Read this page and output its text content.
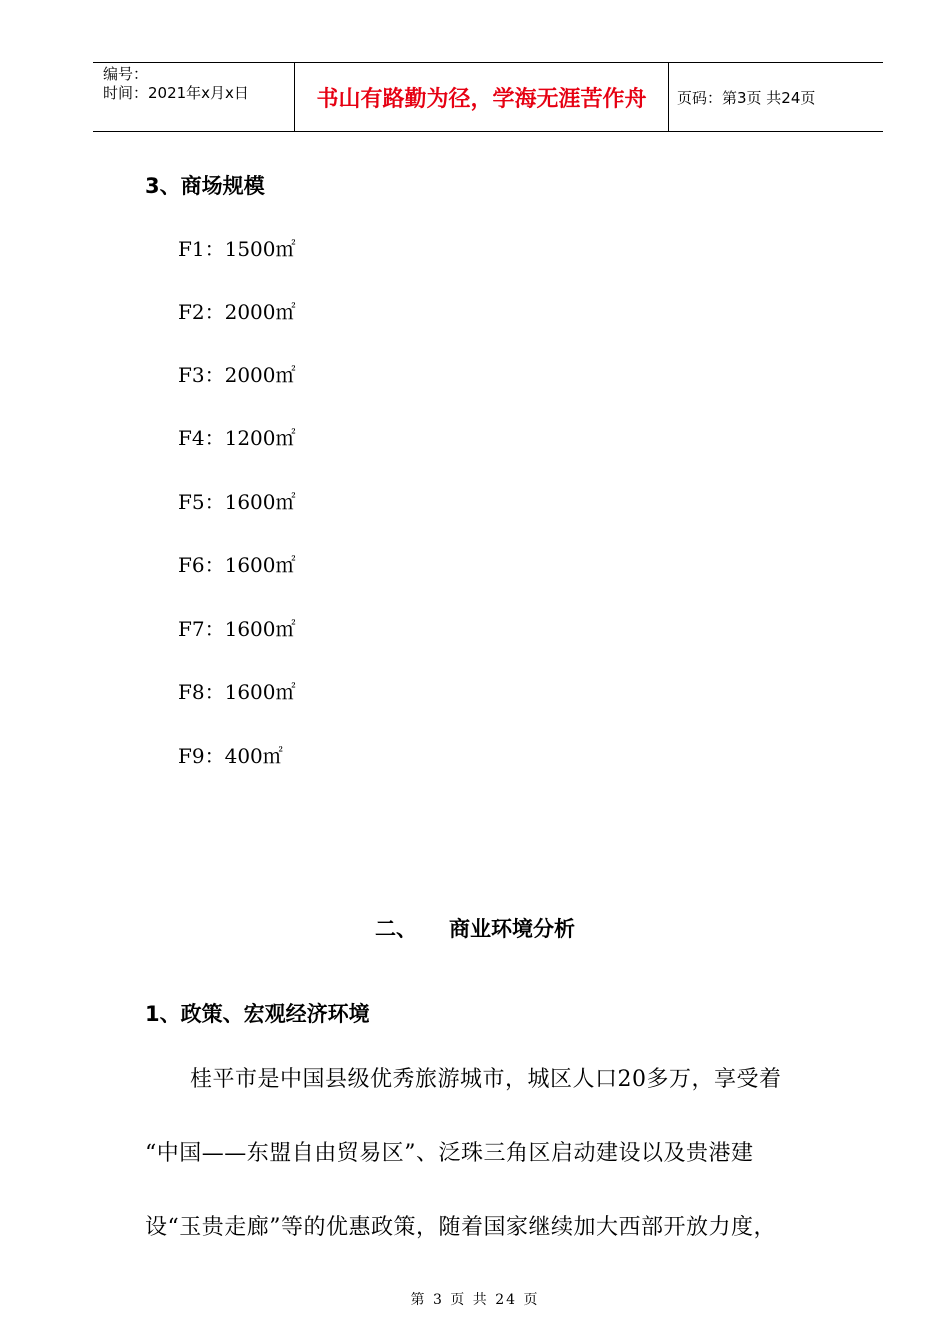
编号：
时间：2021年x月x日	书山有路勤为径，学海无涯苦作舟 页码：第3页 共24页
3、商场规模
F1：1500㎡
F2：2000㎡
F3：2000㎡
F4：1200㎡
F5：1600㎡
F6：1600㎡
F7：1600㎡
F8：1600㎡
F9：400㎡
二、 商业环境分析
1、政策、宏观经济环境
　　桂平市是中国县级优秀旅游城市，城区人口20多万，享受着
“中国——东盟自由贸易区”、泛珠三角区启动建设以及贵港建
设“玉贵走廊”等的优惠政策，随着国家继续加大西部开放力度，
第 3 页 共 24 页
